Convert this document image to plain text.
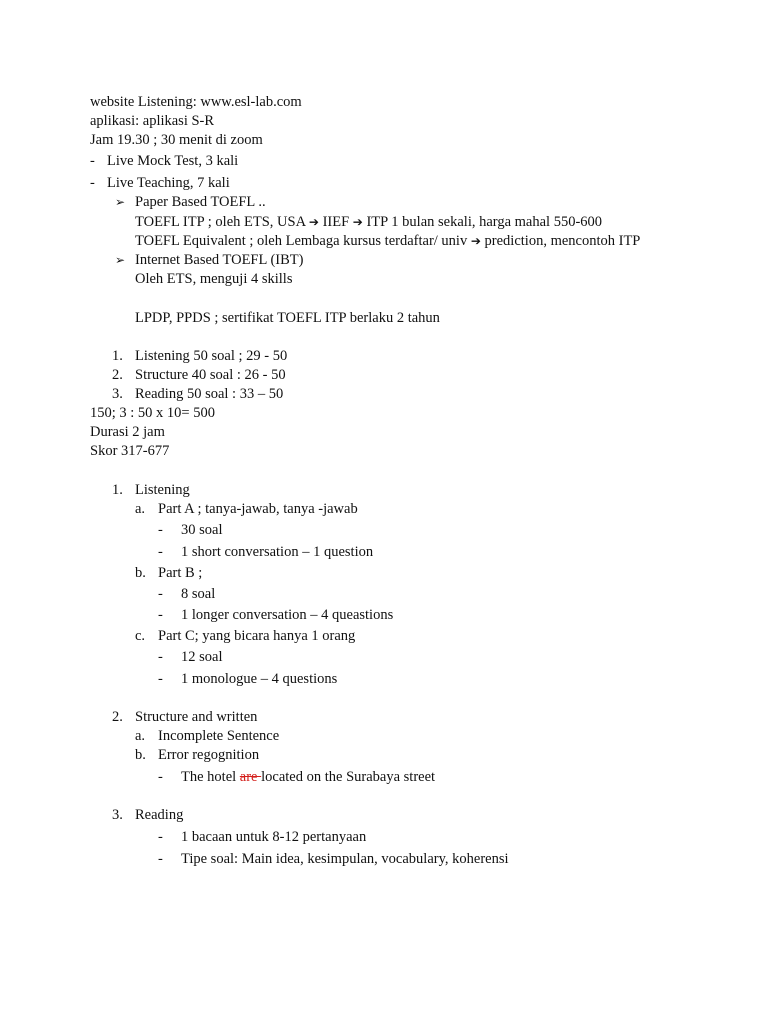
website Listening: www.esl-lab.com
aplikasi: aplikasi S-R
Jam 19.30 ; 30 menit di zoom
- Live Mock Test, 3 kali
- Live Teaching, 7 kali
➢ Paper Based TOEFL ..
TOEFL ITP ; oleh ETS, USA ➔ IIEF ➔ ITP 1 bulan sekali, harga mahal 550-600
TOEFL Equivalent ; oleh Lembaga kursus terdaftar/ univ ➔ prediction, mencontoh ITP
➢ Internet Based TOEFL (IBT)
Oleh ETS, menguji 4 skills
LPDP, PPDS ; sertifikat TOEFL ITP berlaku 2 tahun
1. Listening 50 soal ; 29 - 50
2. Structure 40 soal : 26 - 50
3. Reading 50 soal : 33 – 50
150; 3 : 50 x 10= 500
Durasi 2 jam
Skor 317-677
1. Listening
a. Part A ; tanya-jawab, tanya -jawab
- 30 soal
- 1 short conversation – 1 question
b. Part B ;
- 8 soal
- 1 longer conversation – 4 queastions
c. Part C; yang bicara hanya 1 orang
- 12 soal
- 1 monologue – 4 questions
2. Structure and written
a. Incomplete Sentence
b. Error regognition
- The hotel are located on the Surabaya street
3. Reading
- 1 bacaan untuk 8-12 pertanyaan
- Tipe soal: Main idea, kesimpulan, vocabulary, koherensi
